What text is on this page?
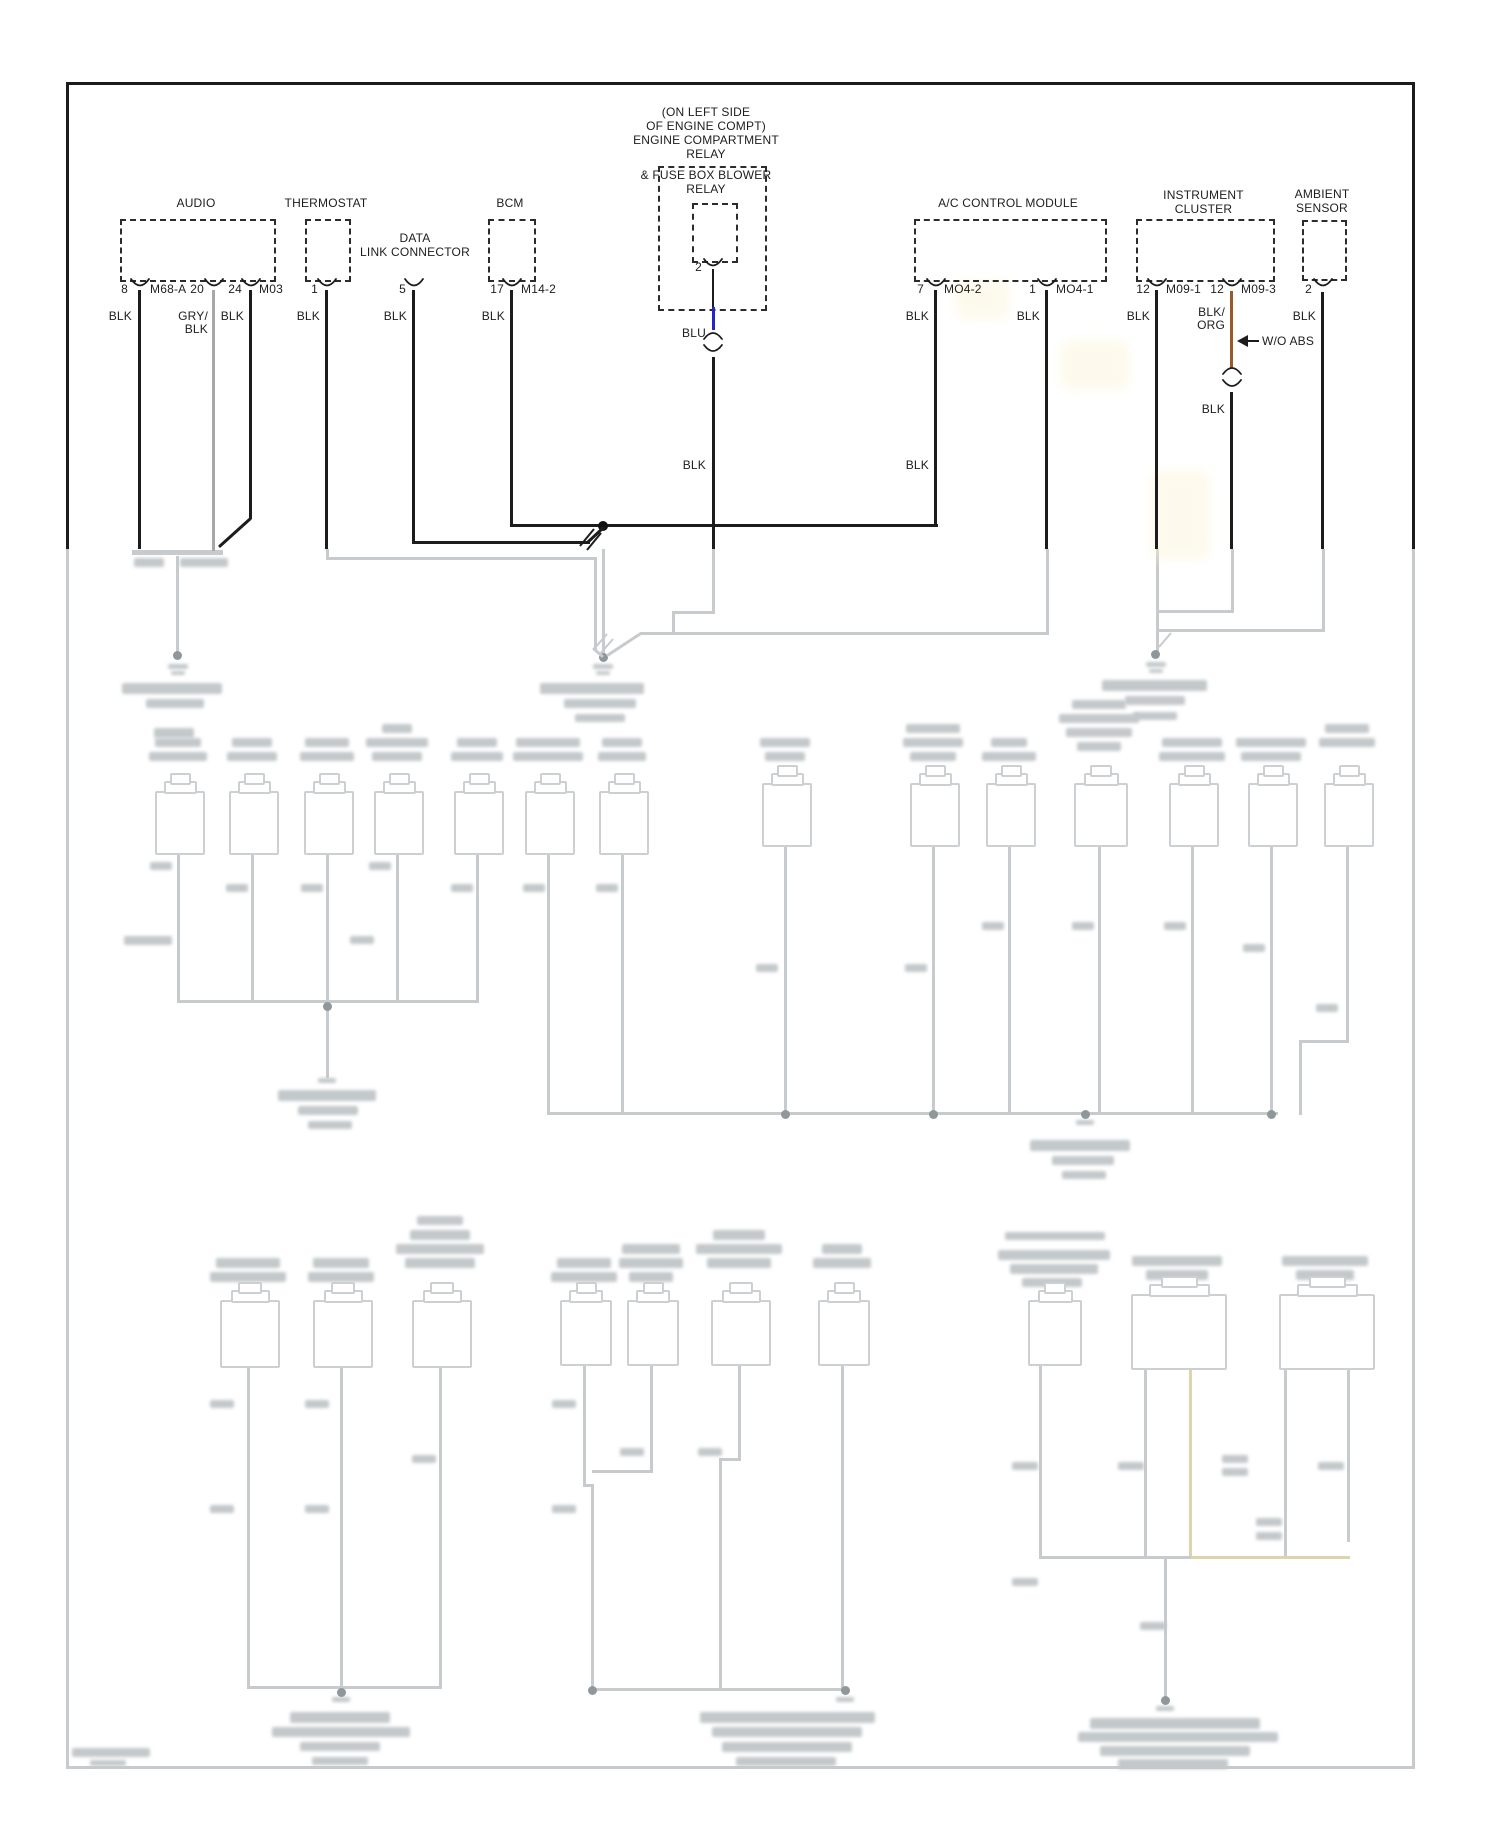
AUDIO	THERMOSTAT
DATA
LINK CONNECTOR
BCM
(ON LEFT SIDE
OF ENGINE COMPT)
ENGINE COMPARTMENT
RELAY
& FUSE BOX BLOWER
RELAY
A/C CONTROL MODULE
INSTRUMENT
CLUSTER
AMBIENT
SENSOR
8 M68-A 20	24 M03	1	5	17 M14-2
2
7 MO4-2	1 MO4-1	12 M09-1 12 M09-3	2
BLK	GRY/
BLK
BLK	BLK	BLK	BLK
BLU
BLK
BLK
BLK
BLK	BLK	BLK/
ORG
BLK
BLK
W/O ABS
